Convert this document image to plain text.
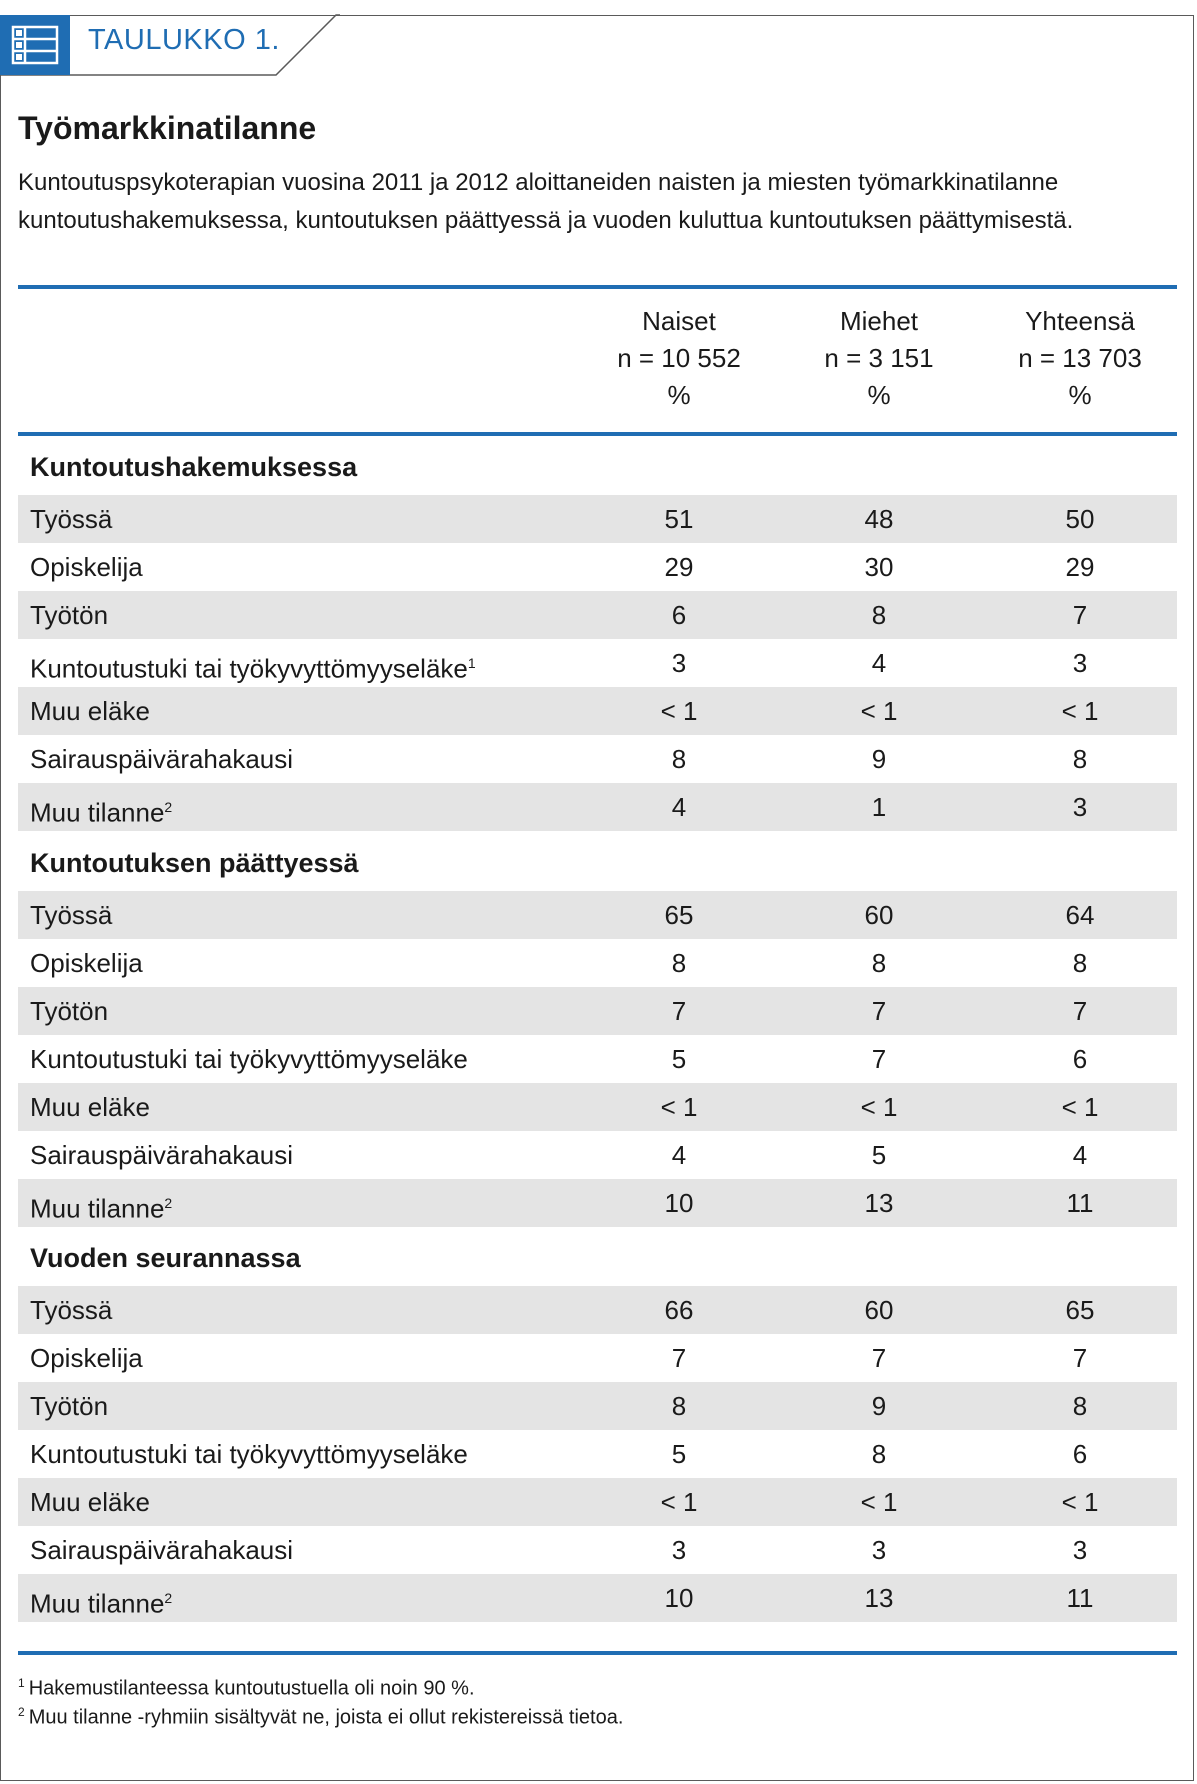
TAULUKKO 1.
Työmarkkinatilanne
Kuntoutuspsykoterapian vuosina 2011 ja 2012 aloittaneiden naisten ja miesten työmarkkinatilanne kuntoutushakemuksessa, kuntoutuksen päättyessä ja vuoden kuluttua kuntoutuksen päättymisestä.
Naiset
n = 10 552
%
Miehet
n = 3 151
%
Yhteensä
n = 13 703
%
Kuntoutushakemuksessa
Työssä	51	48	50
Opiskelija	29	30	29
Työtön	6	8	7
Kuntoutustuki tai työkyvyttömyyseläke$^1$	3	4	3
Muu eläke	< 1	< 1	< 1
Sairauspäivärahakausi	8	9	8
Muu tilanne$^2$	4	1	3
Kuntoutuksen päättyessä
Työssä	65	60	64
Opiskelija	8	8	8
Työtön	7	7	7
Kuntoutustuki tai työkyvyttömyyseläke	5	7	6
Muu eläke	< 1	< 1	< 1
Sairauspäivärahakausi	4	5	4
Muu tilanne$^2$	10	13	11
Vuoden seurannassa
Työssä	66	60	65
Opiskelija	7	7	7
Työtön	8	9	8
Kuntoutustuki tai työkyvyttömyyseläke	5	8	6
Muu eläke	< 1	< 1	< 1
Sairauspäivärahakausi	3	3	3
Muu tilanne$^2$	10	13	11
$^1$ Hakemustilanteessa kuntoutustuella oli noin 90 %.
$^2$ Muu tilanne -ryhmiin sisältyvät ne, joista ei ollut rekistereissä tietoa.
